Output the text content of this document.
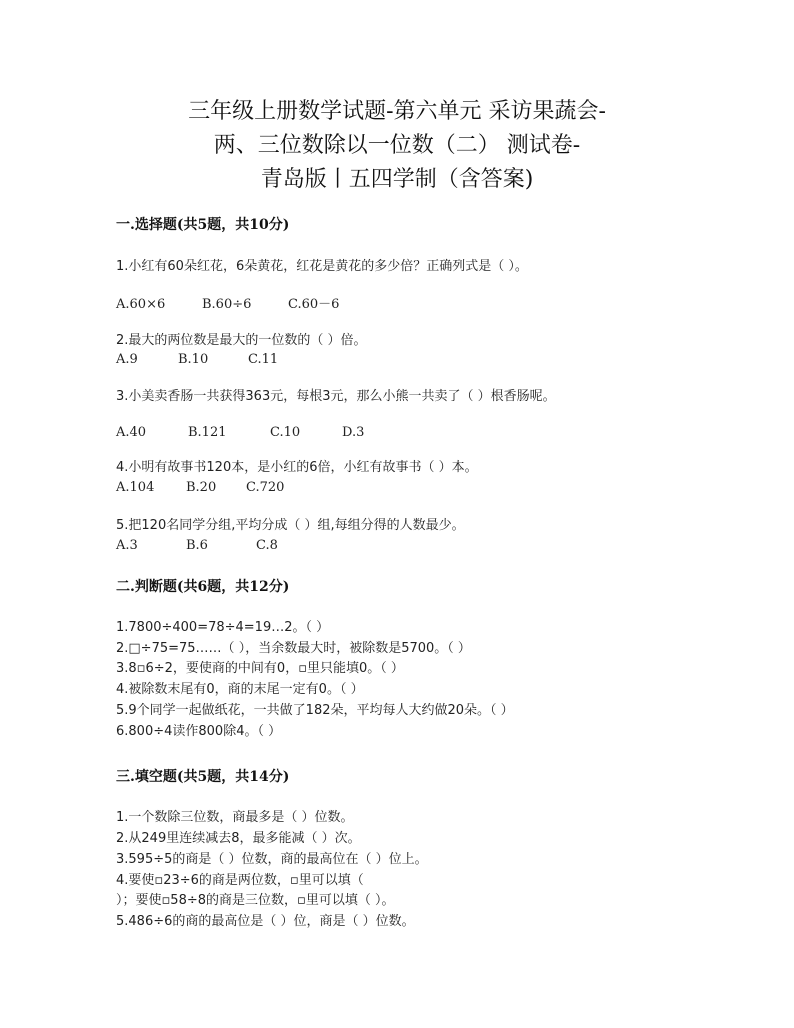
三年级上册数学试题-第六单元 采访果蔬会-
两、三位数除以一位数（二） 测试卷-
青岛版丨五四学制（含答案)
一.选择题(共5题，共10分)
1.小红有60朵红花，6朵黄花，红花是黄花的多少倍？正确列式是（ ）。
A.60×6	B.60÷6	C.60－6
2.最大的两位数是最大的一位数的（ ）倍。
A.9	B.10	C.11
3.小美卖香肠一共获得363元，每根3元，那么小熊一共卖了（ ）根香肠呢。
A.40	B.121	C.10	D.3
4.小明有故事书120本，是小红的6倍，小红有故事书（ ）本。
A.104 B.20 C.720
5.把120名同学分组,平均分成（ ）组,每组分得的人数最少。
A.3	B.6	C.8
二.判断题(共6题，共12分)
1.7800÷400=78÷4=19…2。（ ）
2.□÷75=75……（ ），当余数最大时，被除数是5700。（ ）
3.8▫6÷2，要使商的中间有0，▫里只能填0。（ ）
4.被除数末尾有0，商的末尾一定有0。（ ）
5.9个同学一起做纸花，一共做了182朵，平均每人大约做20朵。（ ）
6.800÷4读作800除4。（ ）
三.填空题(共5题，共14分)
1.一个数除三位数，商最多是（ ）位数。
2.从249里连续减去8，最多能减（ ）次。
3.595÷5的商是（ ）位数，商的最高位在（ ）位上。
4.要使▫23÷6的商是两位数，▫里可以填（
）；要使▫58÷8的商是三位数，▫里可以填（ ）。
5.486÷6的商的最高位是（ ）位，商是（ ）位数。
